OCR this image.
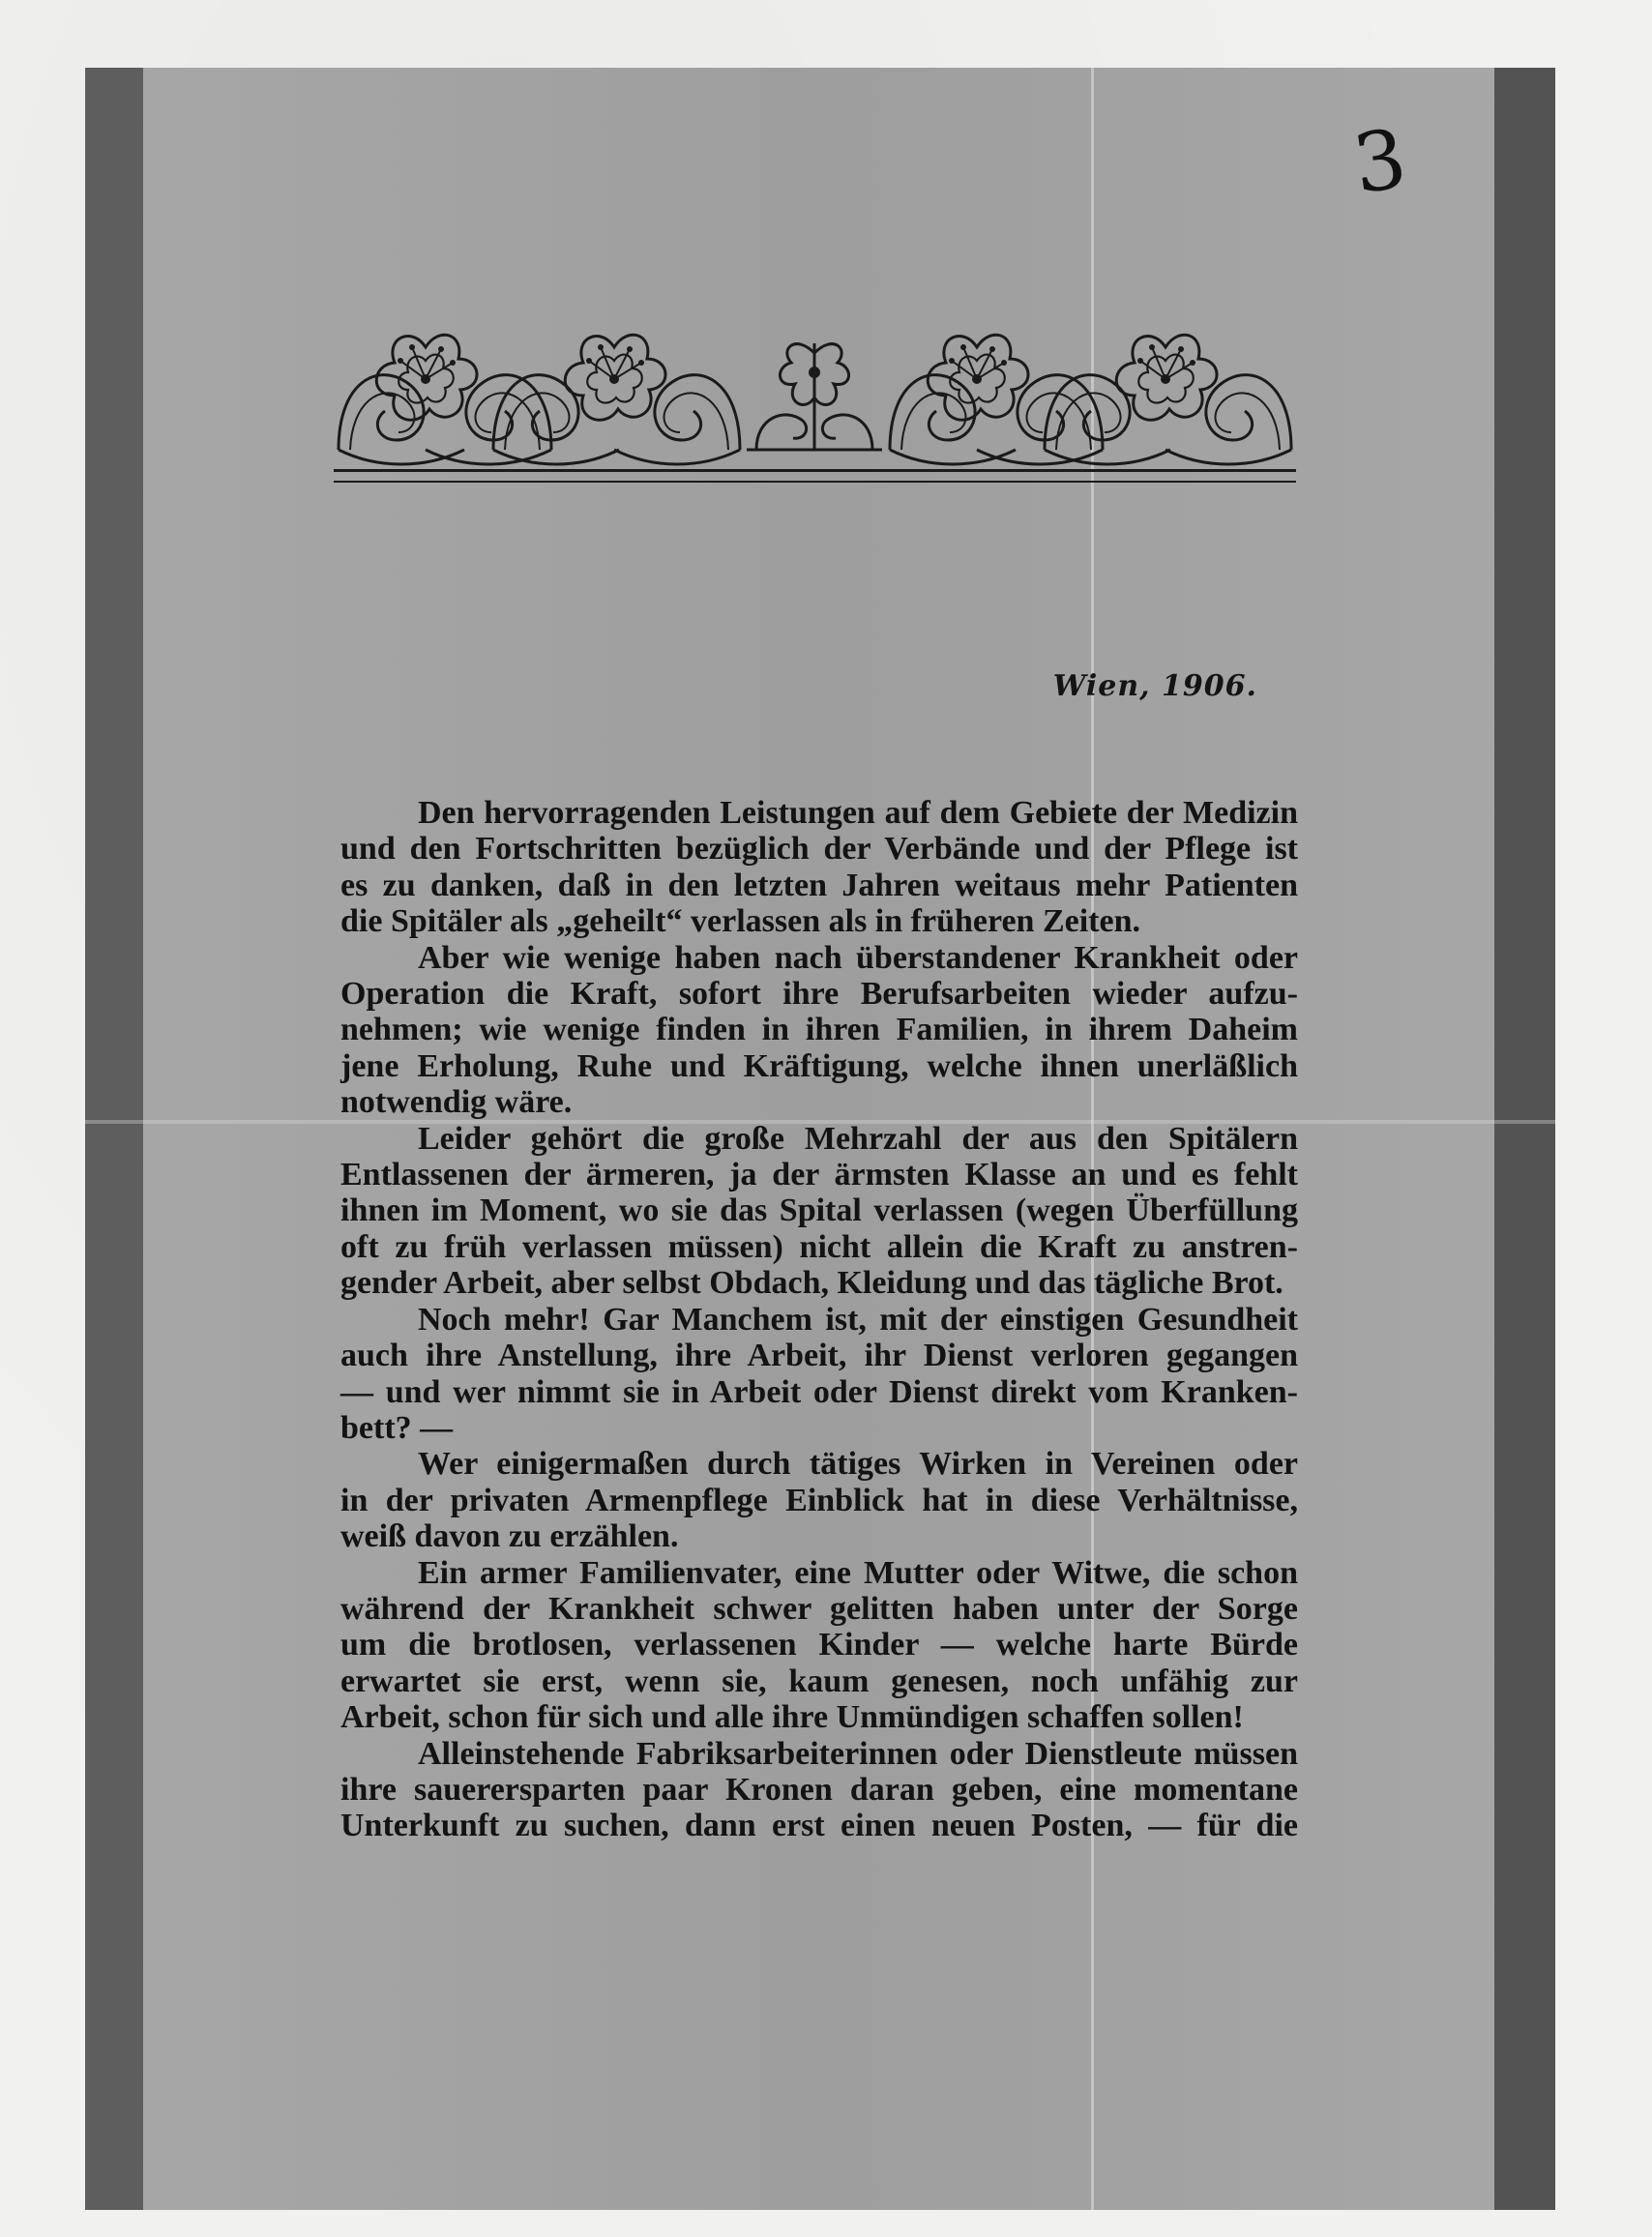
3
Wien, 1906.
Den hervorragenden Leistungen auf dem Gebiete der Medizin
und den Fortschritten bezüglich der Verbände und der Pflege ist
es zu danken, daß in den letzten Jahren weitaus mehr Patienten
die Spitäler als „geheilt“ verlassen als in früheren Zeiten.
Aber wie wenige haben nach überstandener Krankheit oder
Operation die Kraft, sofort ihre Berufsarbeiten wieder aufzu-
nehmen; wie wenige finden in ihren Familien, in ihrem Daheim
jene Erholung, Ruhe und Kräftigung, welche ihnen unerläßlich
notwendig wäre.
Leider gehört die große Mehrzahl der aus den Spitälern
Entlassenen der ärmeren, ja der ärmsten Klasse an und es fehlt
ihnen im Moment, wo sie das Spital verlassen (wegen Überfüllung
oft zu früh verlassen müssen) nicht allein die Kraft zu anstren-
gender Arbeit, aber selbst Obdach, Kleidung und das tägliche Brot.
Noch mehr! Gar Manchem ist, mit der einstigen Gesundheit
auch ihre Anstellung, ihre Arbeit, ihr Dienst verloren gegangen
— und wer nimmt sie in Arbeit oder Dienst direkt vom Kranken-
bett? —
Wer einigermaßen durch tätiges Wirken in Vereinen oder
in der privaten Armenpflege Einblick hat in diese Verhältnisse,
weiß davon zu erzählen.
Ein armer Familienvater, eine Mutter oder Witwe, die schon
während der Krankheit schwer gelitten haben unter der Sorge
um die brotlosen, verlassenen Kinder — welche harte Bürde
erwartet sie erst, wenn sie, kaum genesen, noch unfähig zur
Arbeit, schon für sich und alle ihre Unmündigen schaffen sollen!
Alleinstehende Fabriksarbeiterinnen oder Dienstleute müssen
ihre sauerersparten paar Kronen daran geben, eine momentane
Unterkunft zu suchen, dann erst einen neuen Posten, — für die
